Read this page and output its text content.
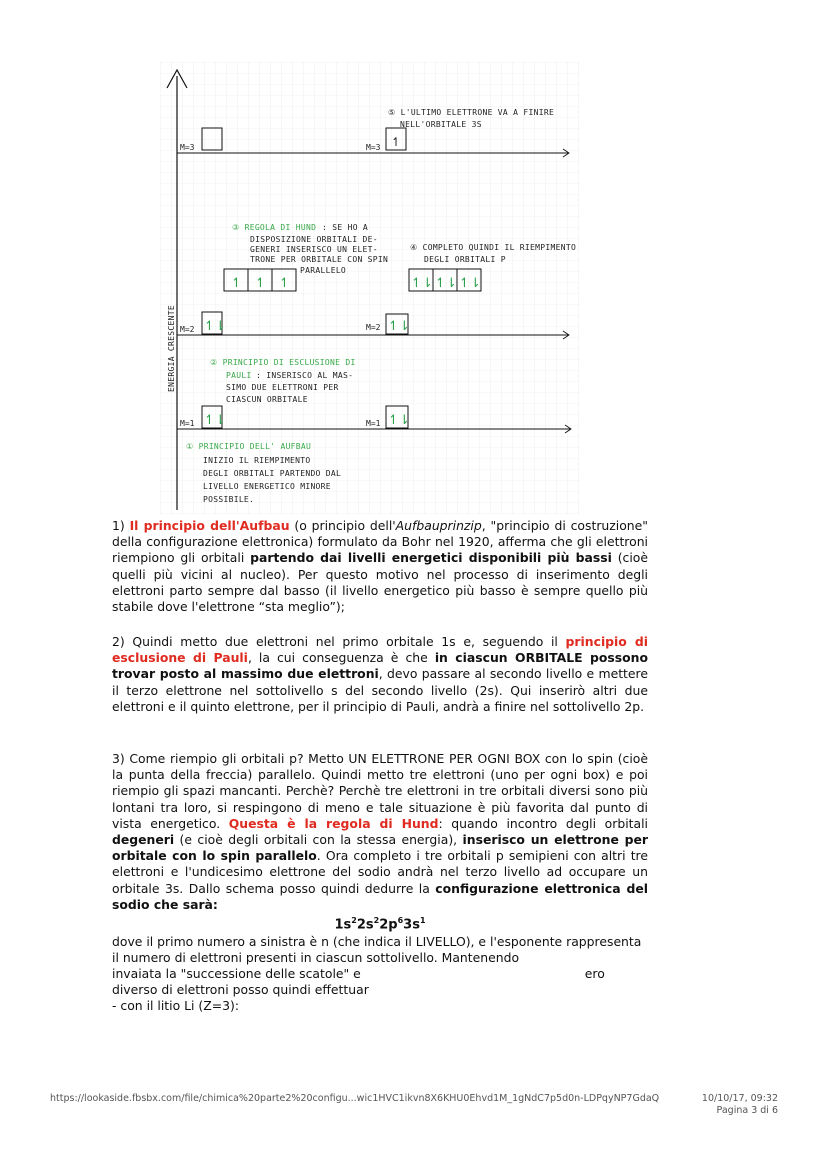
ENERGIA CRESCENTE
M=3
M=2
M=1
↿⇂
↿⇂
M=3 ↿
M=2 ↿⇂
M=1 ↿⇂
↿ ↿ ↿	↿⇂ ↿⇂ ↿⇂
⑤ L'ULTIMO ELETTRONE VA A FINIRE
NELL'ORBITALE 3S
③ REGOLA DI HUND : SE HO A
DISPOSIZIONE ORBITALI DE-
GENERI INSERISCO UN ELET-
TRONE PER ORBITALE CON SPIN
PARALLELO
④ COMPLETO QUINDI IL RIEMPIMENTO
DEGLI ORBITALI P
② PRINCIPIO DI ESCLUSIONE DI
PAULI : INSERISCO AL MAS-
SIMO DUE ELETTRONI PER
CIASCUN ORBITALE
① PRINCIPIO DELL' AUFBAU
INIZIO IL RIEMPIMENTO
DEGLI ORBITALI PARTENDO DAL
LIVELLO ENERGETICO MINORE
POSSIBILE.

1) Il principio dell'Aufbau (o principio dell'Aufbauprinzip, "principio di costruzione" della configurazione elettronica) formulato da Bohr nel 1920, afferma che gli elettroni riempiono gli orbitali partendo dai livelli energetici disponibili più bassi (cioè quelli più vicini al nucleo). Per questo motivo nel processo di inserimento degli elettroni parto sempre dal basso (il livello energetico più basso è sempre quello più stabile dove l'elettrone “sta meglio”);

2) Quindi metto due elettroni nel primo orbitale 1s e, seguendo il principio di esclusione di Pauli, la cui conseguenza è che in ciascun ORBITALE possono trovar posto al massimo due elettroni, devo passare al secondo livello e mettere il terzo elettrone nel sottolivello s del secondo livello (2s). Qui inserirò altri due elettroni e il quinto elettrone, per il principio di Pauli, andrà a finire nel sottolivello 2p.

3) Come riempio gli orbitali p? Metto UN ELETTRONE PER OGNI BOX con lo spin (cioè la punta della freccia) parallelo. Quindi metto tre elettroni (uno per ogni box) e poi riempio gli spazi mancanti. Perchè? Perchè tre elettroni in tre orbitali diversi sono più lontani tra loro, si respingono di meno e tale situazione è più favorita dal punto di vista energetico. Questa è la regola di Hund: quando incontro degli orbitali degeneri (e cioè degli orbitali con la stessa energia), inserisco un elettrone per orbitale con lo spin parallelo. Ora completo i tre orbitali p semipieni con altri tre elettroni e l'undicesimo elettrone del sodio andrà nel terzo livello ad occupare un orbitale 3s. Dallo schema posso quindi dedurre la configurazione elettronica del sodio che sarà:

$1s^22s^22p^63s^1$

dove il primo numero a sinistra è n (che indica il LIVELLO), e l'esponente rappresenta il numero di elettroni presenti in ciascun sottolivello. Mantenendo

invaiata la "successione delle scatole" e	ero

diverso di elettroni posso quindi effettuar

- con il litio Li (Z=3):

https://lookaside.fbsbx.com/file/chimica%20parte2%20configu...wic1HVC1ikvn8X6KHU0Ehvd1M_1gNdC7p5d0n-LDPqyNP7GdaQ	10/10/17, 09:32
Pagina 3 di 6
